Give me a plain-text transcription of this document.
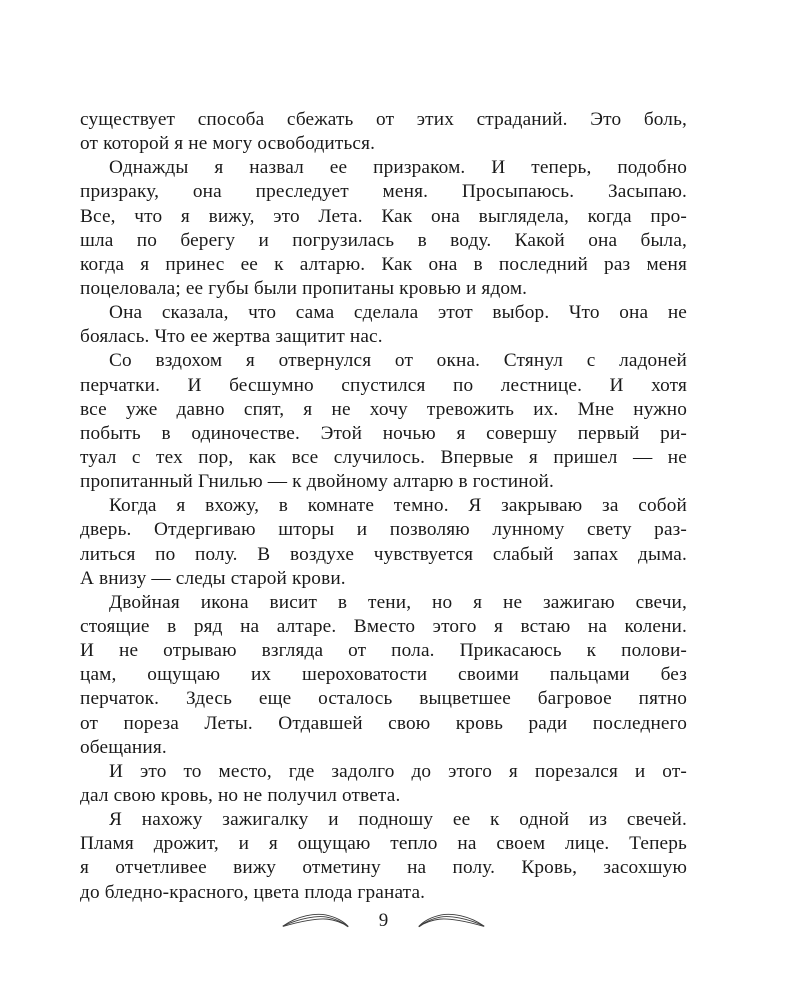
существует способа сбежать от этих страданий. Это боль,
от которой я не могу освободиться.
Однажды я назвал ее призраком. И теперь, подобно
призраку, она преследует меня. Просыпаюсь. Засыпаю.
Все, что я вижу, это Лета. Как она выглядела, когда про-
шла по берегу и погрузилась в воду. Какой она была,
когда я принес ее к алтарю. Как она в последний раз меня
поцеловала; ее губы были пропитаны кровью и ядом.
Она сказала, что сама сделала этот выбор. Что она не
боялась. Что ее жертва защитит нас.
Со вздохом я отвернулся от окна. Стянул с ладоней
перчатки. И бесшумно спустился по лестнице. И хотя
все уже давно спят, я не хочу тревожить их. Мне нужно
побыть в одиночестве. Этой ночью я совершу первый ри-
туал с тех пор, как все случилось. Впервые я пришел — не
пропитанный Гнилью — к двойному алтарю в гостиной.
Когда я вхожу, в комнате темно. Я закрываю за собой
дверь. Отдергиваю шторы и позволяю лунному свету раз-
литься по полу. В воздухе чувствуется слабый запах дыма.
А внизу — следы старой крови.
Двойная икона висит в тени, но я не зажигаю свечи,
стоящие в ряд на алтаре. Вместо этого я встаю на колени.
И не отрываю взгляда от пола. Прикасаюсь к полови-
цам, ощущаю их шероховатости своими пальцами без
перчаток. Здесь еще осталось выцветшее багровое пятно
от пореза Леты. Отдавшей свою кровь ради последнего
обещания.
И это то место, где задолго до этого я порезался и от-
дал свою кровь, но не получил ответа.
Я нахожу зажигалку и подношу ее к одной из свечей.
Пламя дрожит, и я ощущаю тепло на своем лице. Теперь
я отчетливее вижу отметину на полу. Кровь, засохшую
до бледно-красного, цвета плода граната.
9
